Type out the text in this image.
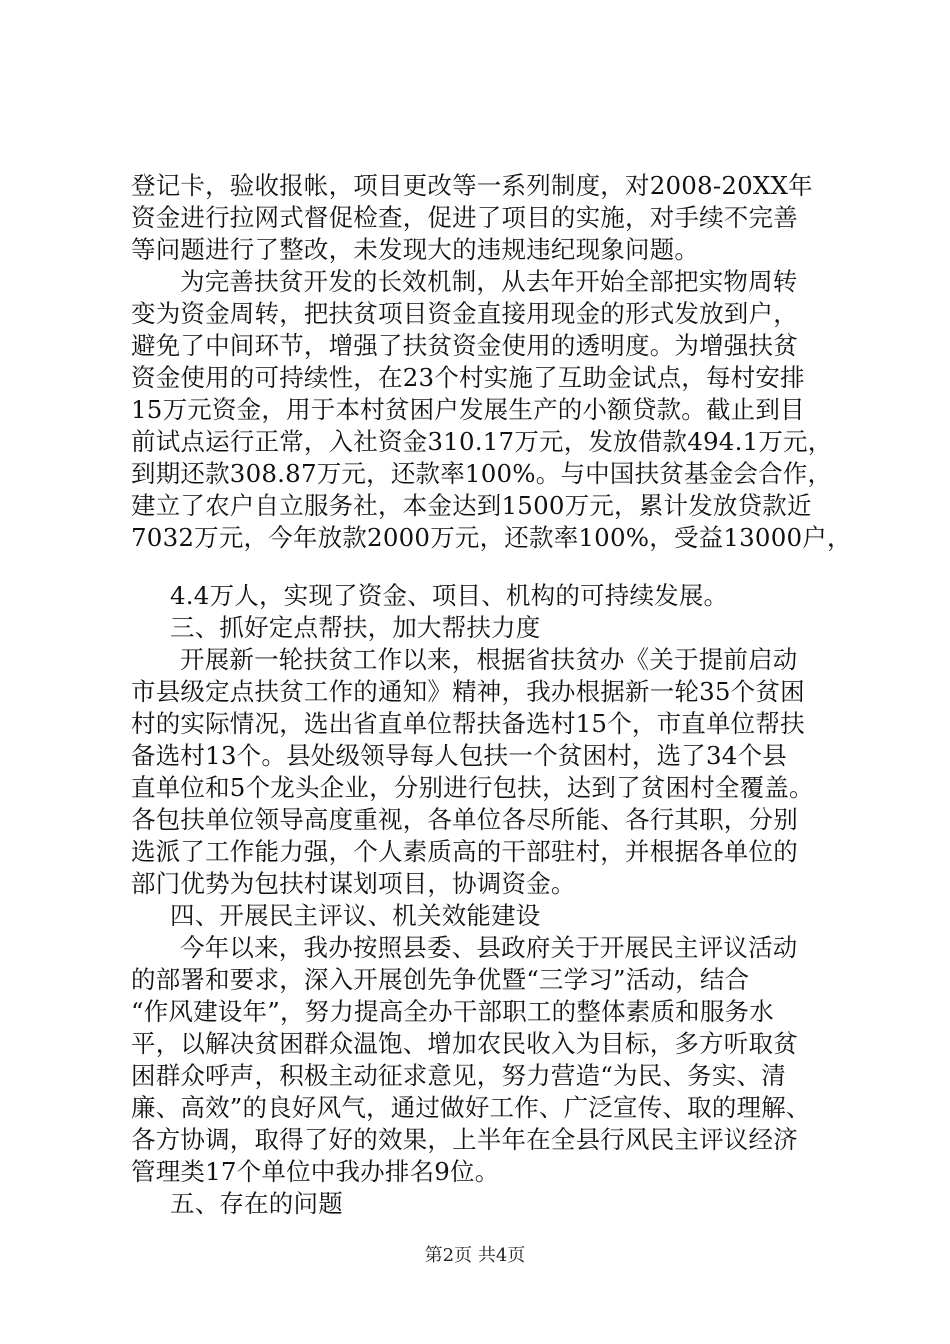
登记卡，验收报帐，项目更改等一系列制度，对2008-20XX年
资金进行拉网式督促检查，促进了项目的实施，对手续不完善
等问题进行了整改，未发现大的违规违纪现象问题。
为完善扶贫开发的长效机制，从去年开始全部把实物周转
变为资金周转，把扶贫项目资金直接用现金的形式发放到户，
避免了中间环节，增强了扶贫资金使用的透明度。为增强扶贫
资金使用的可持续性，在23个村实施了互助金试点，每村安排
15万元资金，用于本村贫困户发展生产的小额贷款。截止到目
前试点运行正常，入社资金310.17万元，发放借款494.1万元，
到期还款308.87万元，还款率100%。与中国扶贫基金会合作，
建立了农户自立服务社，本金达到1500万元，累计发放贷款近
7032万元，今年放款2000万元，还款率100%，受益13000户，
4.4万人，实现了资金、项目、机构的可持续发展。
三、抓好定点帮扶，加大帮扶力度
开展新一轮扶贫工作以来，根据省扶贫办《关于提前启动
市县级定点扶贫工作的通知》精神，我办根据新一轮35个贫困
村的实际情况，选出省直单位帮扶备选村15个，市直单位帮扶
备选村13个。县处级领导每人包扶一个贫困村，选了34个县
直单位和5个龙头企业，分别进行包扶，达到了贫困村全覆盖。
各包扶单位领导高度重视，各单位各尽所能、各行其职，分别
选派了工作能力强，个人素质高的干部驻村，并根据各单位的
部门优势为包扶村谋划项目，协调资金。
四、开展民主评议、机关效能建设
今年以来，我办按照县委、县政府关于开展民主评议活动
的部署和要求，深入开展创先争优暨“三学习”活动，结合
“作风建设年”，努力提高全办干部职工的整体素质和服务水
平，以解决贫困群众温饱、增加农民收入为目标，多方听取贫
困群众呼声，积极主动征求意见，努力营造“为民、务实、清
廉、高效”的良好风气，通过做好工作、广泛宣传、取的理解、
各方协调，取得了好的效果，上半年在全县行风民主评议经济
管理类17个单位中我办排名9位。
五、存在的问题
第2页 共4页
